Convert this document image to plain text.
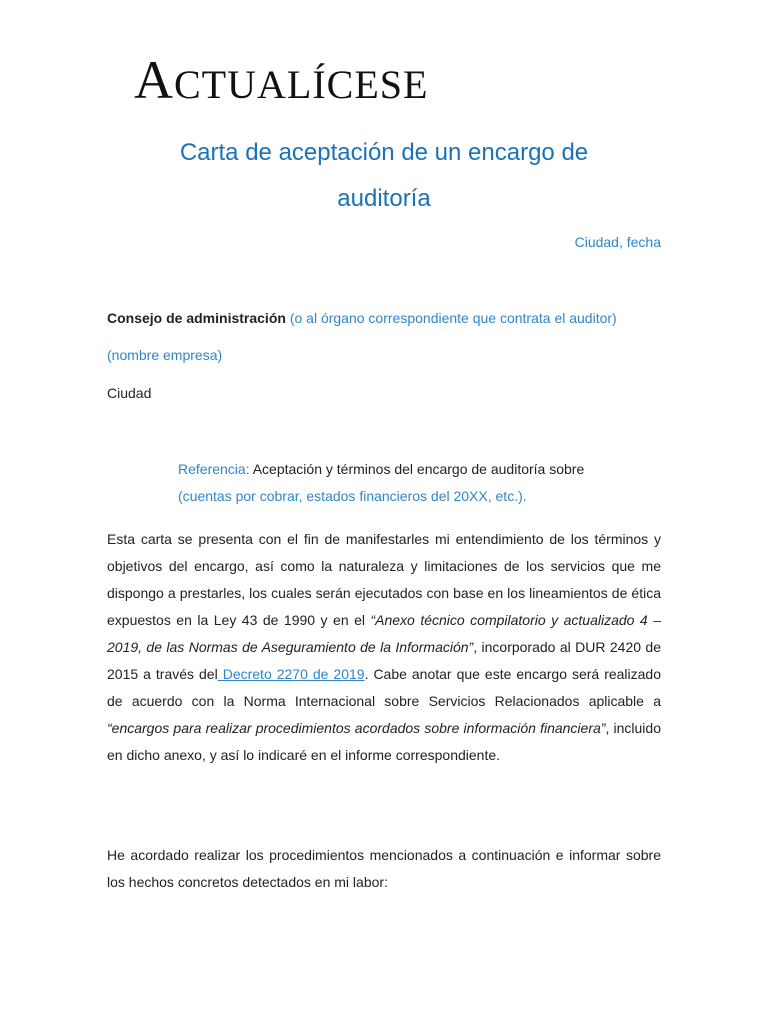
ACTUALÍCESE
Carta de aceptación de un encargo de
auditoría
Ciudad, fecha
Consejo de administración (o al órgano correspondiente que contrata el auditor)
(nombre empresa)
Ciudad
Referencia: Aceptación y términos del encargo de auditoría sobre
(cuentas por cobrar, estados financieros del 20XX, etc.).
Esta carta se presenta con el fin de manifestarles mi entendimiento de los términos y objetivos del encargo, así como la naturaleza y limitaciones de los servicios que me dispongo a prestarles, los cuales serán ejecutados con base en los lineamientos de ética expuestos en la Ley 43 de 1990 y en el “Anexo técnico compilatorio y actualizado 4 – 2019, de las Normas de Aseguramiento de la Información”, incorporado al DUR 2420 de 2015 a través del Decreto 2270 de 2019. Cabe anotar que este encargo será realizado de acuerdo con la Norma Internacional sobre Servicios Relacionados aplicable a “encargos para realizar procedimientos acordados sobre información financiera”, incluido en dicho anexo, y así lo indicaré en el informe correspondiente.
He acordado realizar los procedimientos mencionados a continuación e informar sobre los hechos concretos detectados en mi labor:
